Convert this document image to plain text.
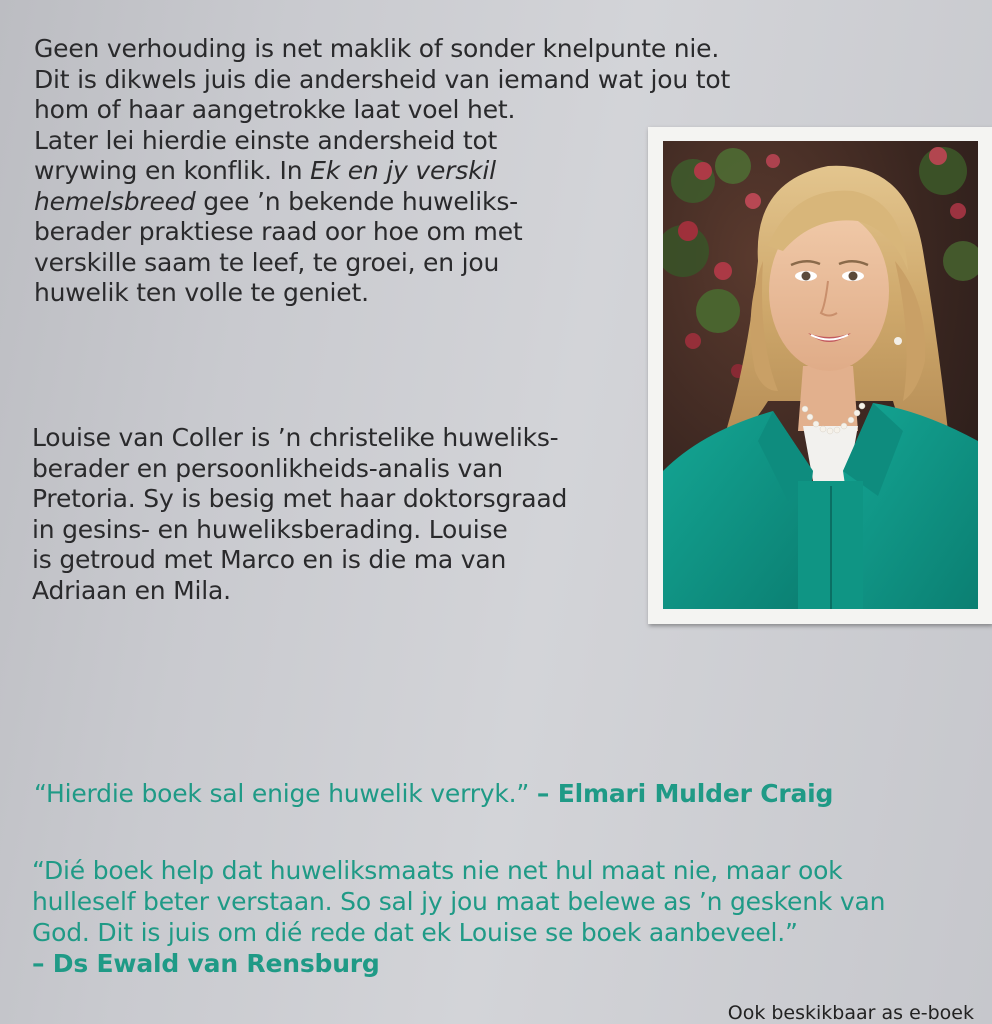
Geen verhouding is net maklik of sonder knelpunte nie.
Dit is dikwels juis die andersheid van iemand wat jou tot
hom of haar aangetrokke laat voel het.
Later lei hierdie einste andersheid tot
wrywing en konflik. In Ek en jy verskil
hemelsbreed gee ’n bekende huweliks-
berader praktiese raad oor hoe om met
verskille saam te leef, te groei, en jou
huwelik ten volle te geniet.

Louise van Coller is ’n christelike huweliks-
berader en persoonlikheids-analis van
Pretoria. Sy is besig met haar doktorsgraad
in gesins- en huweliksberading. Louise
is getroud met Marco en is die ma van
Adriaan en Mila.

“Hierdie boek sal enige huwelik verryk.” – Elmari Mulder Craig

“Dié boek help dat huweliksmaats nie net hul maat nie, maar ook
hulleself beter verstaan. So sal jy jou maat belewe as ’n geskenk van
God. Dit is juis om dié rede dat ek Louise se boek aanbeveel.”
– Ds Ewald van Rensburg

Ook beskikbaar as e-boek
